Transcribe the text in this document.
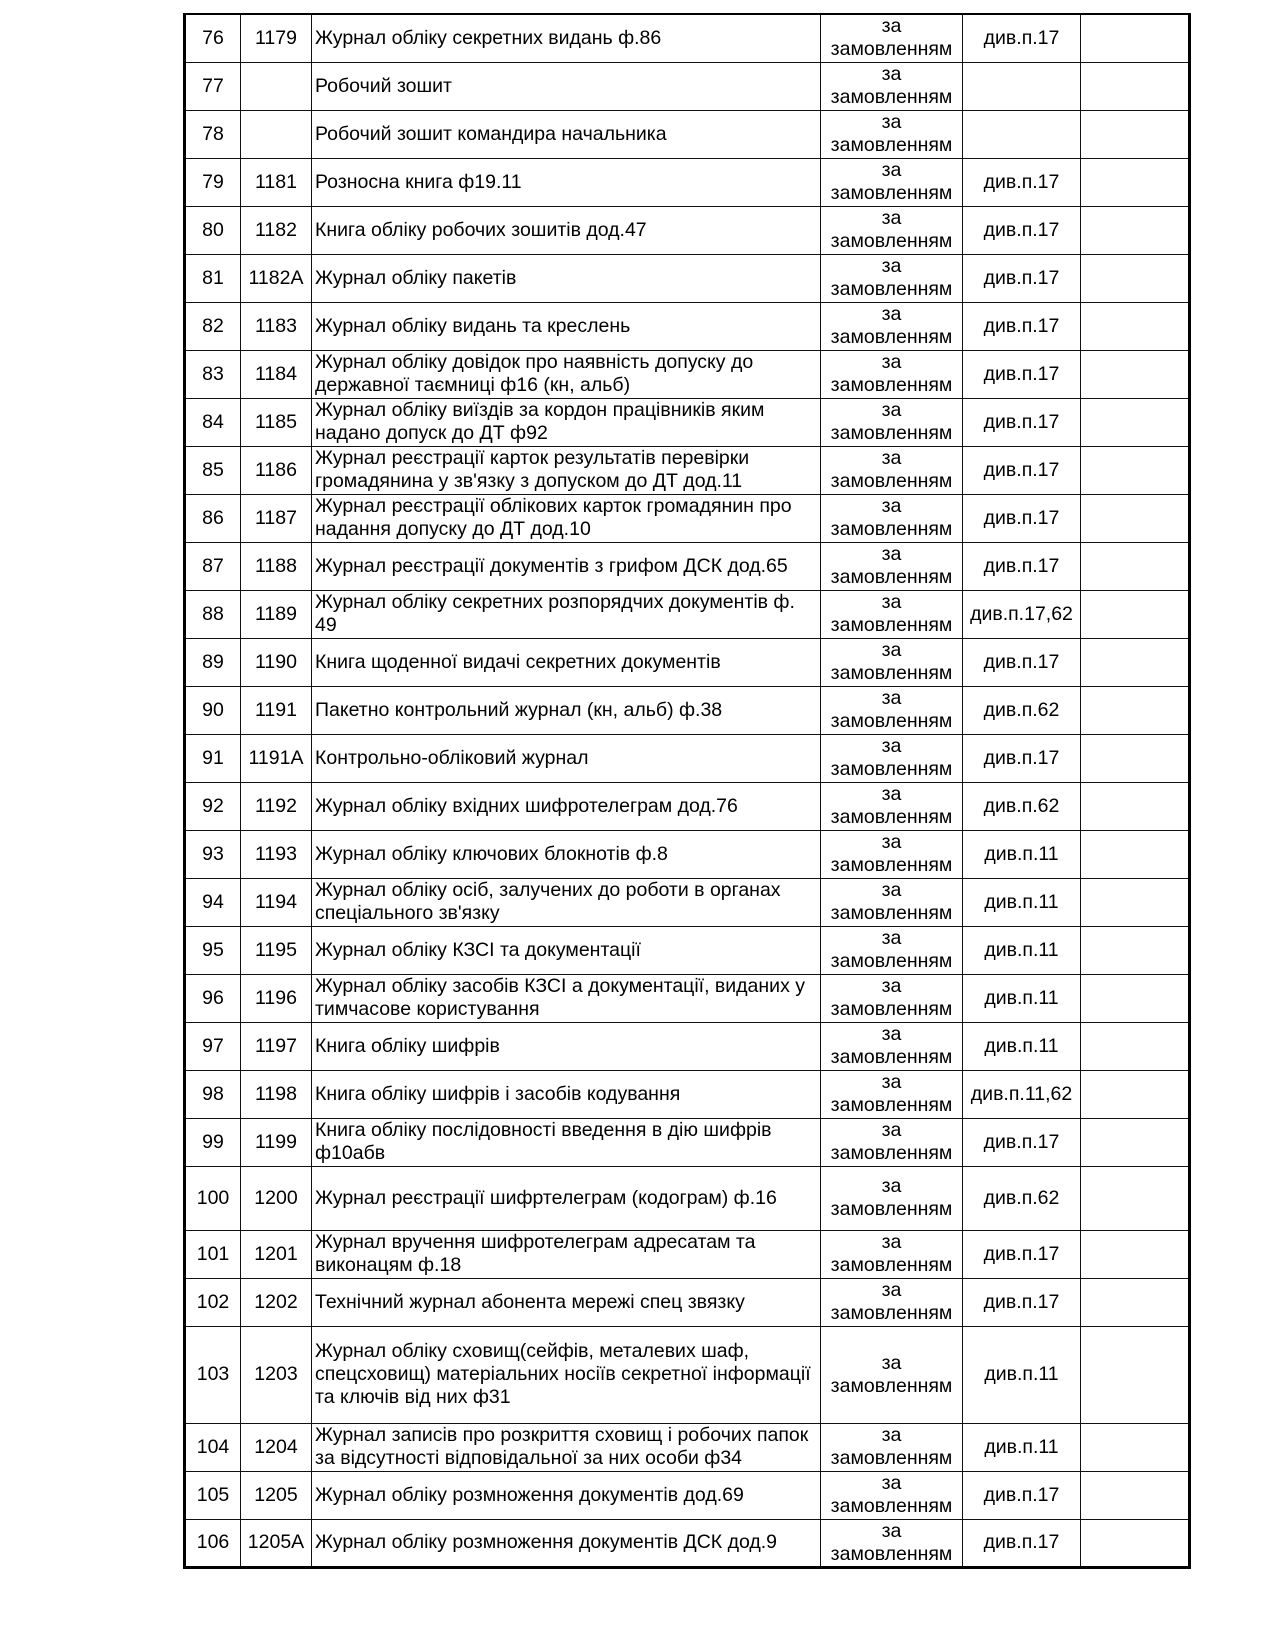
76	1179	Журнал обліку секретних видань ф.86	за
замовленням	див.п.17	
77		Робочий зошит	за
замовленням		

78		Робочий зошит командира начальника	за
замовленням		

79	1181	Розносна книга ф19.11	за
замовленням	див.п.17	
80	1182	Книга обліку робочих зошитів дод.47	за
замовленням	див.п.17	
81	1182А	Журнал обліку пакетів	за
замовленням	див.п.17	
82	1183	Журнал обліку видань та креслень	за
замовленням	див.п.17	
83	1184	Журнал обліку довідок про наявність допуску до державної таємниці ф16 (кн, альб)	за
замовленням	див.п.17	
84	1185	Журнал обліку виїздів за кордон працівників яким надано допуск до ДТ ф92	за
замовленням	див.п.17	
85	1186	Журнал реєстрації карток результатів перевірки громадянина у зв'язку з допуском до ДТ дод.11	за
замовленням	див.п.17	
86	1187	Журнал реєстрації облікових карток громадянин про надання допуску до ДТ дод.10	за
замовленням	див.п.17	
87	1188	Журнал реєстрації документів з грифом ДСК дод.65	за
замовленням	див.п.17	
88	1189	Журнал обліку секретних розпорядчих документів ф. 49	за
замовленням	див.п.17,62	
89	1190	Книга щоденної видачі секретних документів	за
замовленням	див.п.17	
90	1191	Пакетно контрольний журнал (кн, альб) ф.38	за
замовленням	див.п.62	
91	1191А	Контрольно-обліковий журнал	за
замовленням	див.п.17	
92	1192	Журнал обліку вхідних шифротелеграм дод.76	за
замовленням	див.п.62	
93	1193	Журнал обліку ключових блокнотів ф.8	за
замовленням	див.п.11	
94	1194	Журнал обліку осіб, залучених до роботи в органах спеціального зв'язку	за
замовленням	див.п.11	
95	1195	Журнал обліку КЗСІ та документації	за
замовленням	див.п.11	
96	1196	Журнал обліку засобів КЗСІ а документації, виданих у тимчасове користування	за
замовленням	див.п.11	
97	1197	Книга обліку шифрів	за
замовленням	див.п.11	
98	1198	Книга обліку шифрів і засобів кодування	за
замовленням	див.п.11,62	
99	1199	Книга обліку послідовності введення в дію шифрів ф10абв	за
замовленням	див.п.17	
100	1200	Журнал реєстрації шифртелеграм (кодограм) ф.16	за
замовленням	див.п.62	
101	1201	Журнал вручення шифротелеграм адресатам та виконацям ф.18	за
замовленням	див.п.17	
102	1202	Технічний журнал абонента мережі спец звязку	за
замовленням	див.п.17	
103	1203	Журнал обліку сховищ(сейфів, металевих шаф, спецсховищ) матеріальних носіїв секретної інформації та ключів від них ф31	за
замовленням	див.п.11	
104	1204	Журнал записів про розкриття сховищ і робочих папок за відсутності відповідальної за них особи ф34	за
замовленням	див.п.11	
105	1205	Журнал обліку розмноження документів дод.69	за
замовленням	див.п.17	
106	1205А	Журнал обліку розмноження документів ДСК дод.9	за
замовленням	див.п.17	
